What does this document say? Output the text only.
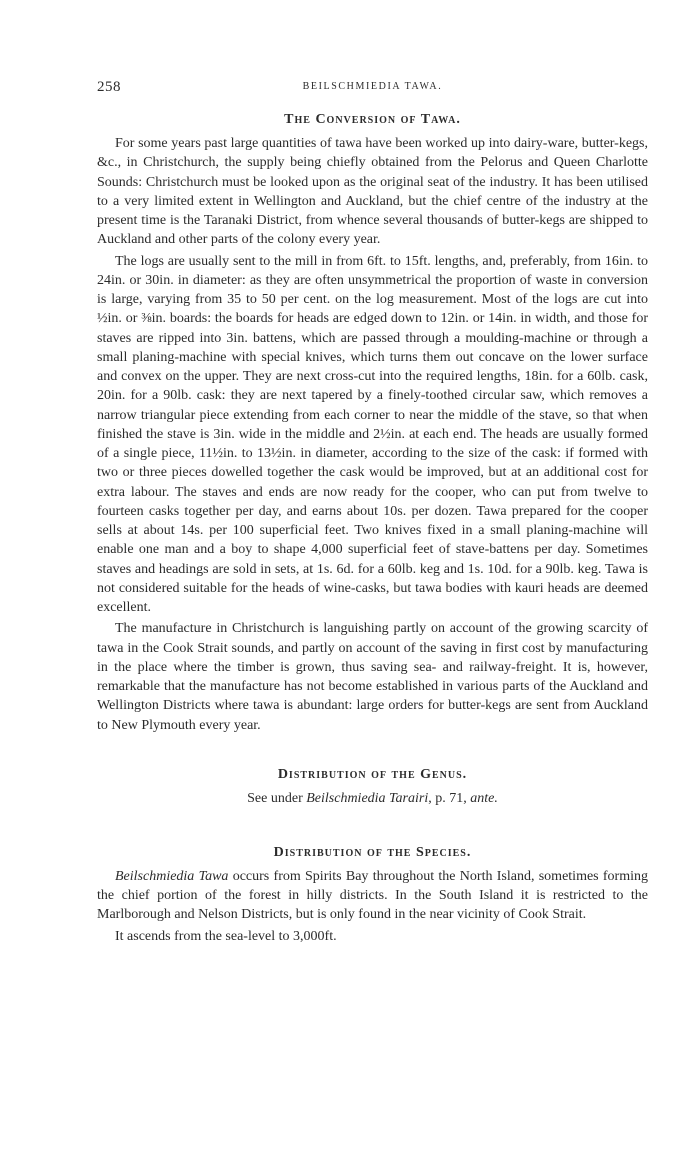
258	BEILSCHMIEDIA TAWA.
The Conversion of Tawa.

For some years past large quantities of tawa have been worked up into dairy-ware, butter-kegs, &c., in Christchurch, the supply being chiefly obtained from the Pelorus and Queen Charlotte Sounds: Christchurch must be looked upon as the original seat of the industry. It has been utilised to a very limited extent in Wellington and Auckland, but the chief centre of the industry at the present time is the Taranaki District, from whence several thousands of butter-kegs are shipped to Auckland and other parts of the colony every year.

The logs are usually sent to the mill in from 6ft. to 15ft. lengths, and, preferably, from 16in. to 24in. or 30in. in diameter: as they are often unsymmetrical the proportion of waste in conversion is large, varying from 35 to 50 per cent. on the log measurement. Most of the logs are cut into ½in. or ⅜in. boards: the boards for heads are edged down to 12in. or 14in. in width, and those for staves are ripped into 3in. battens, which are passed through a moulding-machine or through a small planing-machine with special knives, which turns them out concave on the lower surface and convex on the upper. They are next cross-cut into the required lengths, 18in. for a 60lb. cask, 20in. for a 90lb. cask: they are next tapered by a finely-toothed circular saw, which removes a narrow triangular piece extending from each corner to near the middle of the stave, so that when finished the stave is 3in. wide in the middle and 2½in. at each end. The heads are usually formed of a single piece, 11½in. to 13½in. in diameter, according to the size of the cask: if formed with two or three pieces dowelled together the cask would be improved, but at an additional cost for extra labour. The staves and ends are now ready for the cooper, who can put from twelve to fourteen casks together per day, and earns about 10s. per dozen. Tawa prepared for the cooper sells at about 14s. per 100 superficial feet. Two knives fixed in a small planing-machine will enable one man and a boy to shape 4,000 superficial feet of stave-battens per day. Sometimes staves and headings are sold in sets, at 1s. 6d. for a 60lb. keg and 1s. 10d. for a 90lb. keg. Tawa is not considered suitable for the heads of wine-casks, but tawa bodies with kauri heads are deemed excellent.

The manufacture in Christchurch is languishing partly on account of the growing scarcity of tawa in the Cook Strait sounds, and partly on account of the saving in first cost by manufacturing in the place where the timber is grown, thus saving sea- and railway-freight. It is, however, remarkable that the manufacture has not become established in various parts of the Auckland and Wellington Districts where tawa is abundant: large orders for butter-kegs are sent from Auckland to New Plymouth every year.

Distribution of the Genus.

See under Beilschmiedia Tarairi, p. 71, ante.

Distribution of the Species.

Beilschmiedia Tawa occurs from Spirits Bay throughout the North Island, sometimes forming the chief portion of the forest in hilly districts. In the South Island it is restricted to the Marlborough and Nelson Districts, but is only found in the near vicinity of Cook Strait.

It ascends from the sea-level to 3,000ft.
